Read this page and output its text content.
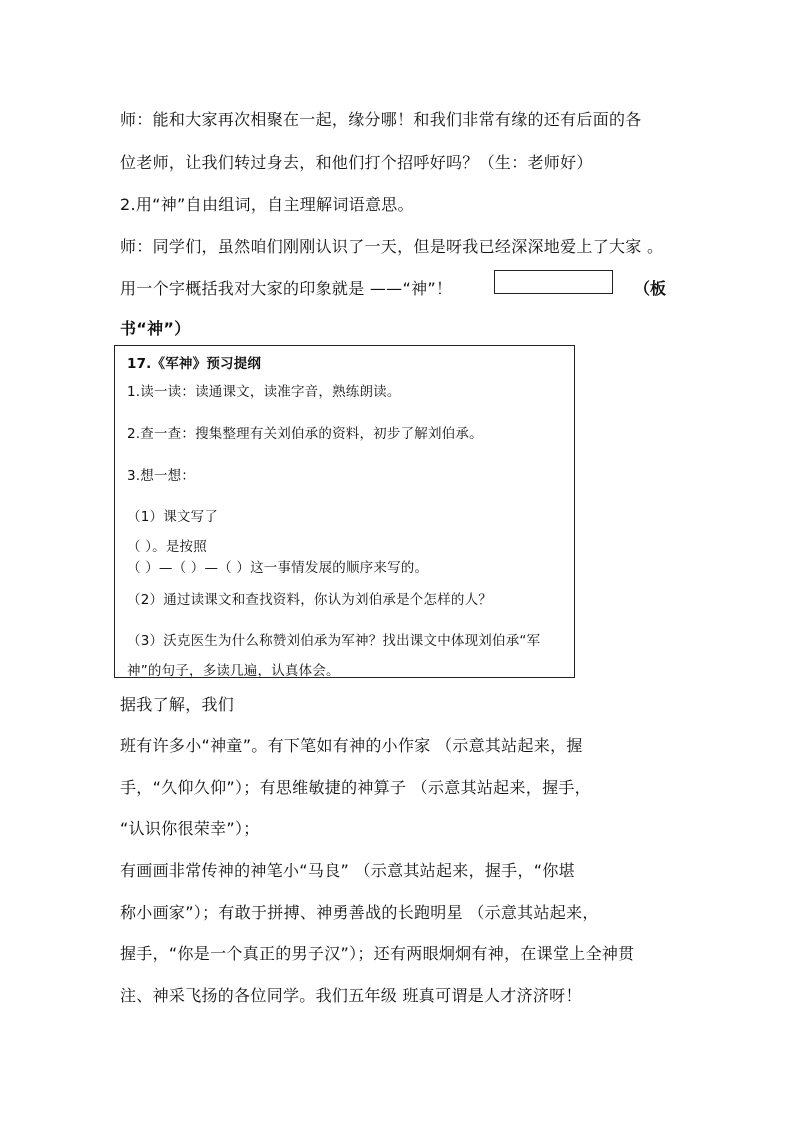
师：能和大家再次相聚在一起，缘分哪！和我们非常有缘的还有后面的各
位老师，让我们转过身去，和他们打个招呼好吗？（生：老师好）
2.用“神”自由组词，自主理解词语意思。
师：同学们，虽然咱们刚刚认识了一天，但是呀我已经深深地爱上了大家 。
用一个字概括我对大家的印象就是 ——“神”！	（板
书“神”）
17.《军神》预习提纲
1.读一读：读通课文，读准字音，熟练朗读。
2.查一查：搜集整理有关刘伯承的资料，初步了解刘伯承。
3.想一想：
（1）课文写了
（ ）。是按照
（ ）—（ ）—（ ）这一事情发展的顺序来写的。
（2）通过读课文和查找资料，你认为刘伯承是个怎样的人？
（3）沃克医生为什么称赞刘伯承为军神？找出课文中体现刘伯承“军
神”的句子，多读几遍，认真体会。
据我了解，我们
班有许多小“神童”。有下笔如有神的小作家 （示意其站起来，握
手，“久仰久仰”）；有思维敏捷的神算子 （示意其站起来，握手，
“认识你很荣幸”）；
有画画非常传神的神笔小“马良” （示意其站起来，握手，“你堪
称小画家”）；有敢于拼搏、神勇善战的长跑明星 （示意其站起来，
握手，“你是一个真正的男子汉”）；还有两眼炯炯有神，在课堂上全神贯
注、神采飞扬的各位同学。我们五年级 班真可谓是人才济济呀！
